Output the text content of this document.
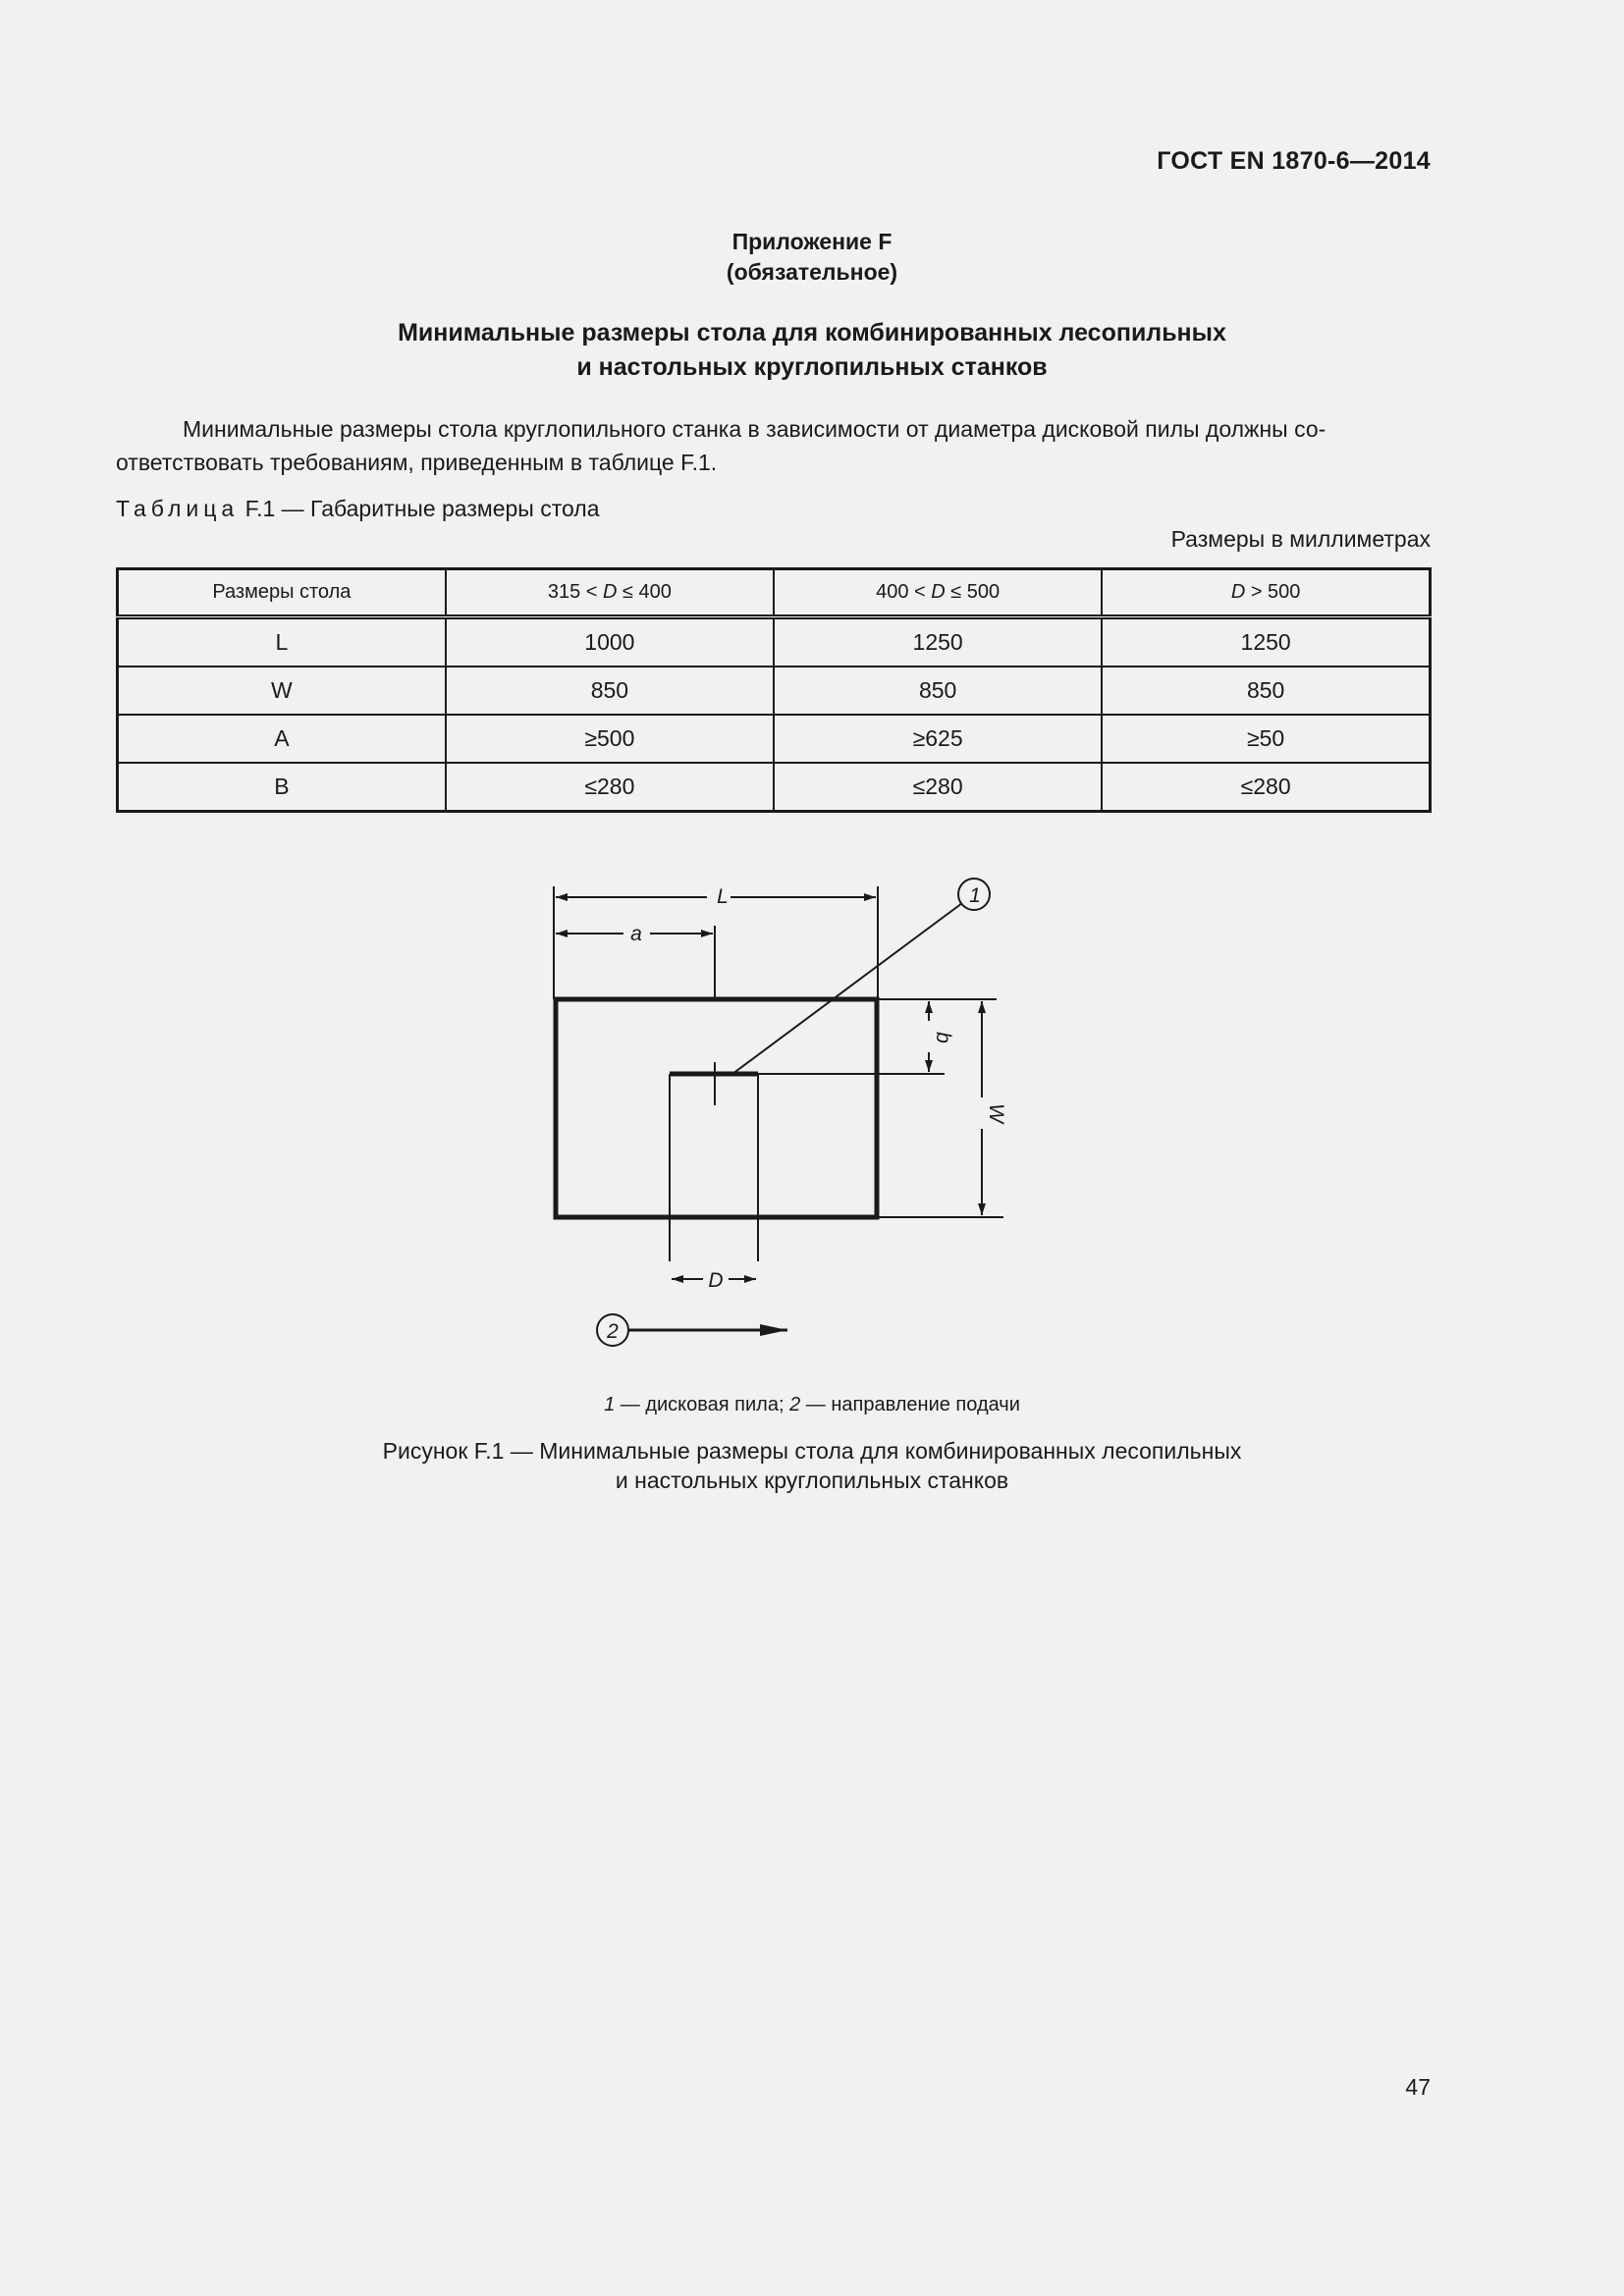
ГОСТ EN 1870-6—2014
Приложение F
(обязательное)
Минимальные размеры стола для комбинированных лесопильных
и настольных круглопильных станков
Минимальные размеры стола круглопильного станка в зависимости от диаметра дисковой пилы должны со-
ответствовать требованиям, приведенным в таблице F.1.
Таблица F.1 — Габаритные размеры стола
Размеры в миллиметрах
Размеры стола	315 < D ≤ 400	400 < D ≤ 500	D > 500
L	1000	1250	1250
W	850	850	850
A	≥500	≥625	≥50
B	≤280	≤280	≤280
L
a
D
b
W
1
2
1 — дисковая пила; 2 — направление подачи
Рисунок F.1 — Минимальные размеры стола для комбинированных лесопильных
и настольных круглопильных станков
47
